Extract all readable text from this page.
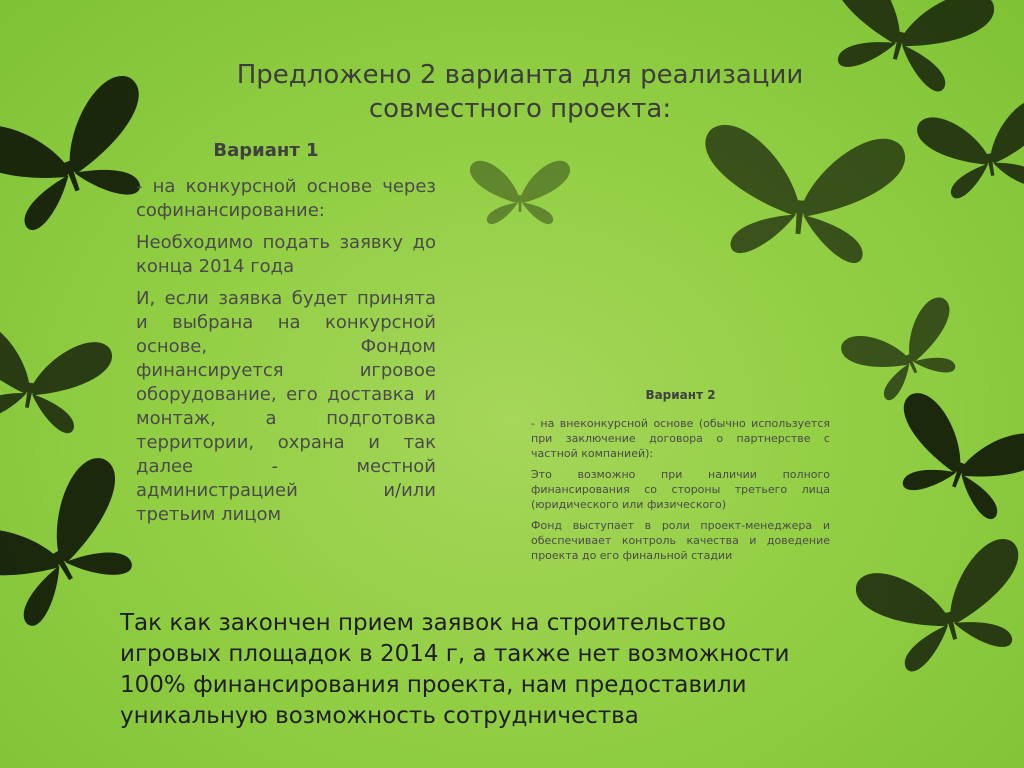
Предложено 2 варианта для реализации
совместного проекта:
Вариант 1

- на конкурсной основе через софинансирование:

Необходимо подать заявку до конца 2014 года

И, если заявка будет принята и выбрана на конкурсной основе, Фондом финансируется игровое оборудование, его доставка и монтаж, а подготовка территории, охрана и так далее - местной администрацией и/или третьим лицом

Вариант 2

- на внеконкурсной основе (обычно используется при заключение договора о партнерстве с частной компанией):

Это возможно при наличии полного финансирования со стороны третьего лица (юридического или физического)

Фонд выступает в роли проект-менеджера и обеспечивает контроль качества и доведение проекта до его финальной стадии

Так как закончен прием заявок на строительство
игровых площадок в 2014 г, а также нет возможности
100% финансирования проекта, нам предоставили
уникальную возможность сотрудничества
